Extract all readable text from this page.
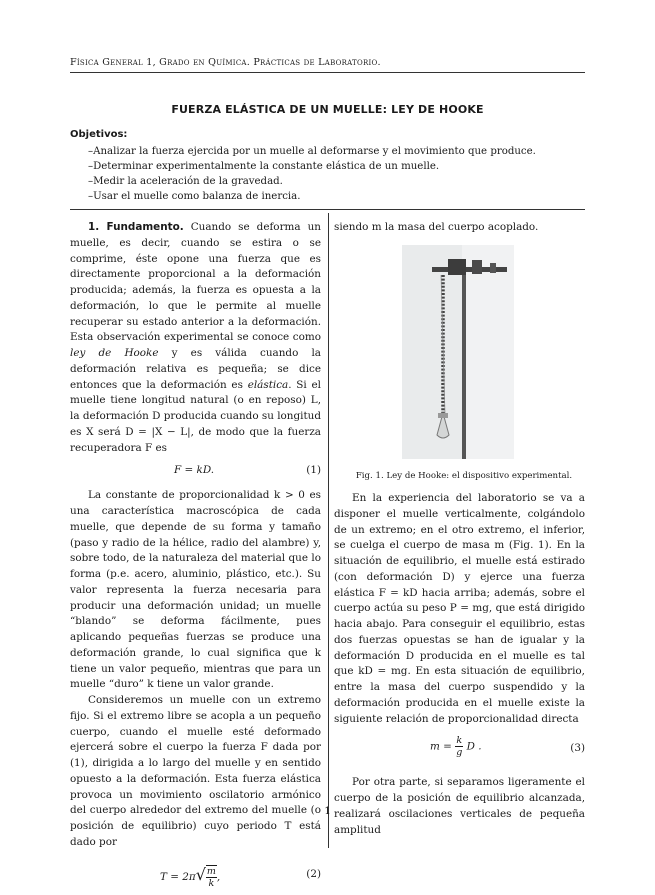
Física General 1, Grado en Química. Prácticas de Laboratorio.
FUERZA ELÁSTICA DE UN MUELLE: LEY DE HOOKE
Objetivos:
–Analizar la fuerza ejercida por un muelle al deformarse y el movimiento que produce.
–Determinar experimentalmente la constante elástica de un muelle.
–Medir la aceleración de la gravedad.
–Usar el muelle como balanza de inercia.

1. Fundamento. Cuando se deforma un muelle, es decir, cuando se estira o se comprime, éste opone una fuerza que es directamente proporcional a la deformación producida; además, la fuerza es opuesta a la deformación, lo que le permite al muelle recuperar su estado anterior a la deformación. Esta observación experimental se conoce como ley de Hooke y es válida cuando la deformación relativa es pequeña; se dice entonces que la deformación es elástica. Si el muelle tiene longitud natural (o en reposo) L, la deformación D producida cuando su longitud es X será D = |X − L|, de modo que la fuerza recuperadora F es

F = kD.	(1)

La constante de proporcionalidad k > 0 es una característica macroscópica de cada muelle, que depende de su forma y tamaño (paso y radio de la hélice, radio del alambre) y, sobre todo, de la naturaleza del material que lo forma (p.e. acero, aluminio, plástico, etc.). Su valor representa la fuerza necesaria para producir una deformación unidad; un muelle “blando” se deforma fácilmente, pues aplicando pequeñas fuerzas se produce una deformación grande, lo cual significa que k tiene un valor pequeño, mientras que para un muelle “duro” k tiene un valor grande.

Consideremos un muelle con un extremo fijo. Si el extremo libre se acopla a un pequeño cuerpo, cuando el muelle esté deformado ejercerá sobre el cuerpo la fuerza F dada por (1), dirigida a lo largo del muelle y en sentido opuesto a la deformación. Esta fuerza elástica provoca un movimiento oscilatorio armónico del cuerpo alrededor del extremo del muelle (o posición de equilibrio) cuyo periodo T está dado por

$T = 2\pi√ \frac{m}{k}$ ,	(2)

siendo m la masa del cuerpo acoplado.

Fig. 1. Ley de Hooke: el dispositivo experimental.

En la experiencia del laboratorio se va a disponer el muelle verticalmente, colgándolo de un extremo; en el otro extremo, el inferior, se cuelga el cuerpo de masa m (Fig. 1). En la situación de equilibrio, el muelle está estirado (con deformación D) y ejerce una fuerza elástica F = kD hacia arriba; además, sobre el cuerpo actúa su peso P = mg, que está dirigido hacia abajo. Para conseguir el equilibrio, estas dos fuerzas opuestas se han de igualar y la deformación D producida en el muelle es tal que kD = mg. En esta situación de equilibrio, entre la masa del cuerpo suspendido y la deformación producida en el muelle existe la siguiente relación de proporcionalidad directa

$m = \frac{k}{g}$ D .	(3)

Por otra parte, si separamos ligeramente el cuerpo de la posición de equilibrio alcanzada, realizará oscilaciones verticales de pequeña amplitud

1
